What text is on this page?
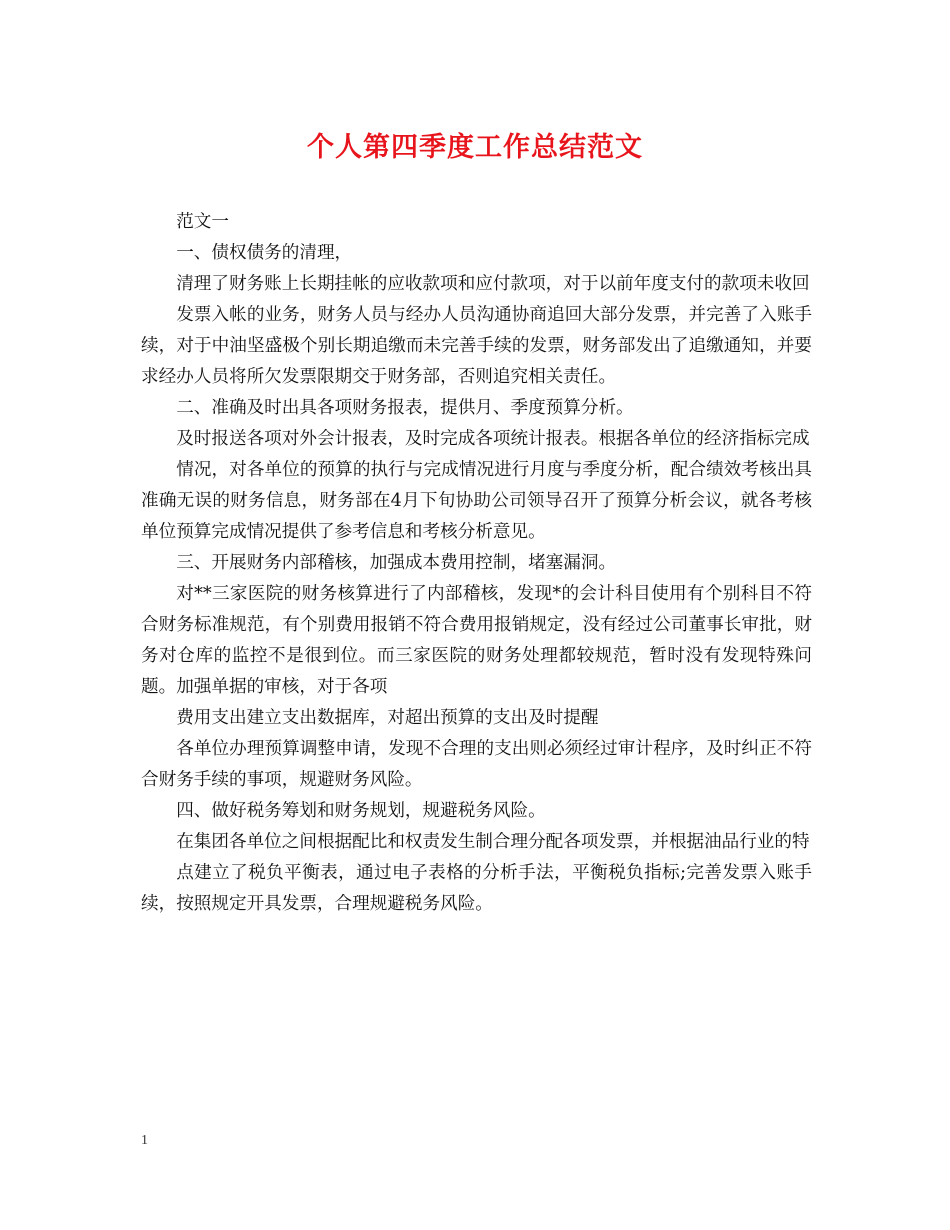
个人第四季度工作总结范文

范文一

一、债权债务的清理，

清理了财务账上长期挂帐的应收款项和应付款项，对于以前年度支付的款项未收回

发票入帐的业务，财务人员与经办人员沟通协商追回大部分发票，并完善了入账手续，对于中油坚盛极个别长期追缴而未完善手续的发票，财务部发出了追缴通知，并要求经办人员将所欠发票限期交于财务部，否则追究相关责任。

二、准确及时出具各项财务报表，提供月、季度预算分析。

及时报送各项对外会计报表，及时完成各项统计报表。根据各单位的经济指标完成

情况，对各单位的预算的执行与完成情况进行月度与季度分析，配合绩效考核出具准确无误的财务信息，财务部在4月下旬协助公司领导召开了预算分析会议，就各考核单位预算完成情况提供了参考信息和考核分析意见。

三、开展财务内部稽核，加强成本费用控制，堵塞漏洞。

对**三家医院的财务核算进行了内部稽核，发现*的会计科目使用有个别科目不符合财务标准规范，有个别费用报销不符合费用报销规定，没有经过公司董事长审批，财务对仓库的监控不是很到位。而三家医院的财务处理都较规范，暂时没有发现特殊问题。加强单据的审核，对于各项

费用支出建立支出数据库，对超出预算的支出及时提醒

各单位办理预算调整申请，发现不合理的支出则必须经过审计程序，及时纠正不符合财务手续的事项，规避财务风险。

四、做好税务筹划和财务规划，规避税务风险。

在集团各单位之间根据配比和权责发生制合理分配各项发票，并根据油品行业的特

点建立了税负平衡表，通过电子表格的分析手法，平衡税负指标;完善发票入账手续，按照规定开具发票，合理规避税务风险。

1
